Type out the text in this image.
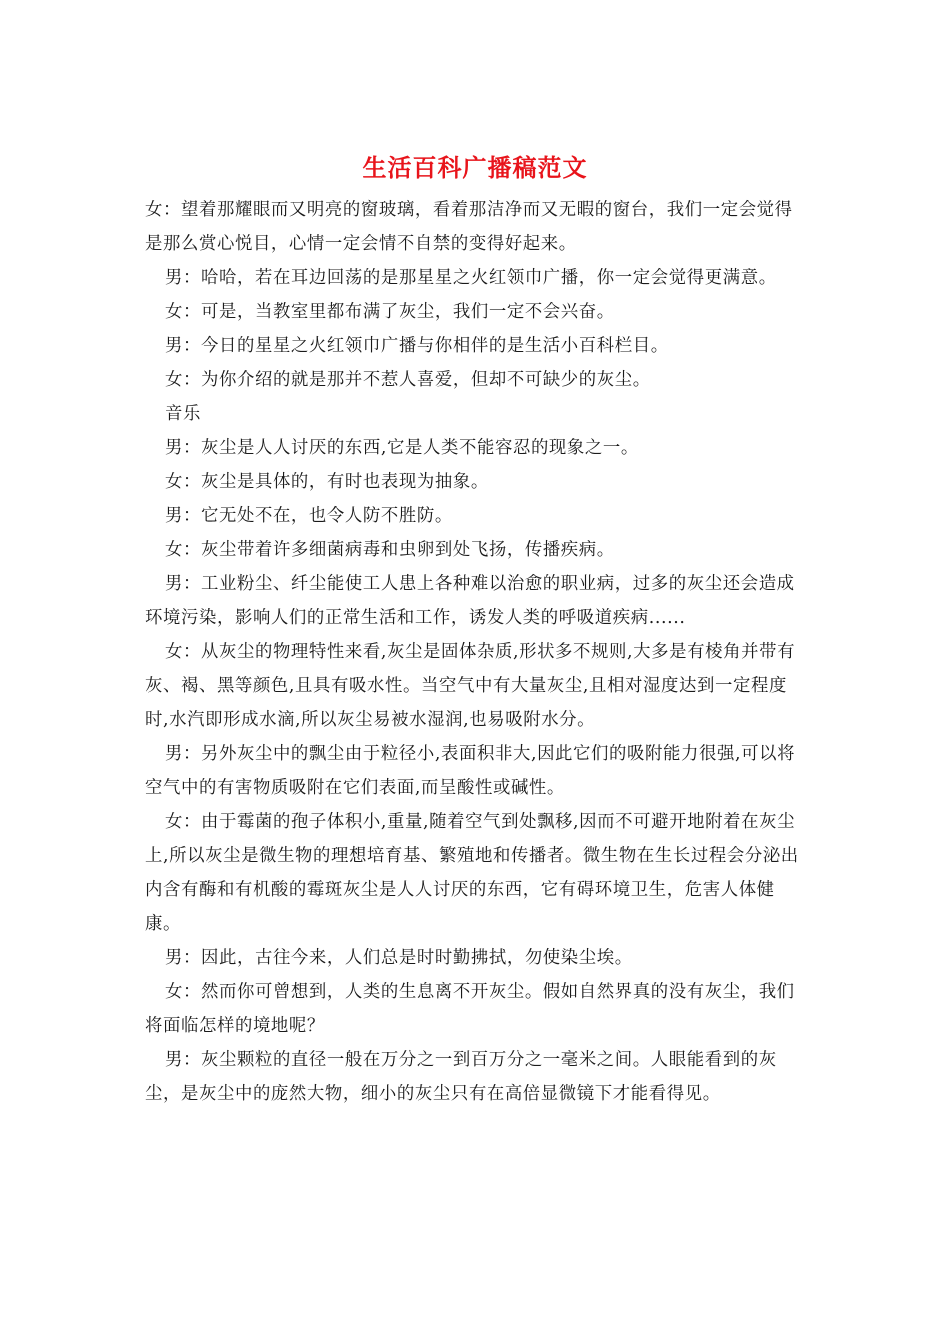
生活百科广播稿范文

女：望着那耀眼而又明亮的窗玻璃，看着那洁净而又无暇的窗台，我们一定会觉得是那么赏心悦目，心情一定会情不自禁的变得好起来。

男：哈哈，若在耳边回荡的是那星星之火红领巾广播，你一定会觉得更满意。

女：可是，当教室里都布满了灰尘，我们一定不会兴奋。

男：今日的星星之火红领巾广播与你相伴的是生活小百科栏目。

女：为你介绍的就是那并不惹人喜爱，但却不可缺少的灰尘。

音乐

男：灰尘是人人讨厌的东西,它是人类不能容忍的现象之一。

女：灰尘是具体的，有时也表现为抽象。

男：它无处不在，也令人防不胜防。

女：灰尘带着许多细菌病毒和虫卵到处飞扬，传播疾病。

男：工业粉尘、纤尘能使工人患上各种难以治愈的职业病，过多的灰尘还会造成环境污染，影响人们的正常生活和工作，诱发人类的呼吸道疾病......

女：从灰尘的物理特性来看,灰尘是固体杂质,形状多不规则,大多是有棱角并带有灰、褐、黑等颜色,且具有吸水性。当空气中有大量灰尘,且相对湿度达到一定程度时,水汽即形成水滴,所以灰尘易被水湿润,也易吸附水分。

男：另外灰尘中的飘尘由于粒径小,表面积非大,因此它们的吸附能力很强,可以将空气中的有害物质吸附在它们表面,而呈酸性或碱性。

女：由于霉菌的孢子体积小,重量,随着空气到处飘移,因而不可避开地附着在灰尘上,所以灰尘是微生物的理想培育基、繁殖地和传播者。微生物在生长过程会分泌出内含有酶和有机酸的霉斑灰尘是人人讨厌的东西，它有碍环境卫生，危害人体健康。

男：因此，古往今来，人们总是时时勤拂拭，勿使染尘埃。

女：然而你可曾想到，人类的生息离不开灰尘。假如自然界真的没有灰尘，我们将面临怎样的境地呢？

男：灰尘颗粒的直径一般在万分之一到百万分之一毫米之间。人眼能看到的灰尘，是灰尘中的庞然大物，细小的灰尘只有在高倍显微镜下才能看得见。
